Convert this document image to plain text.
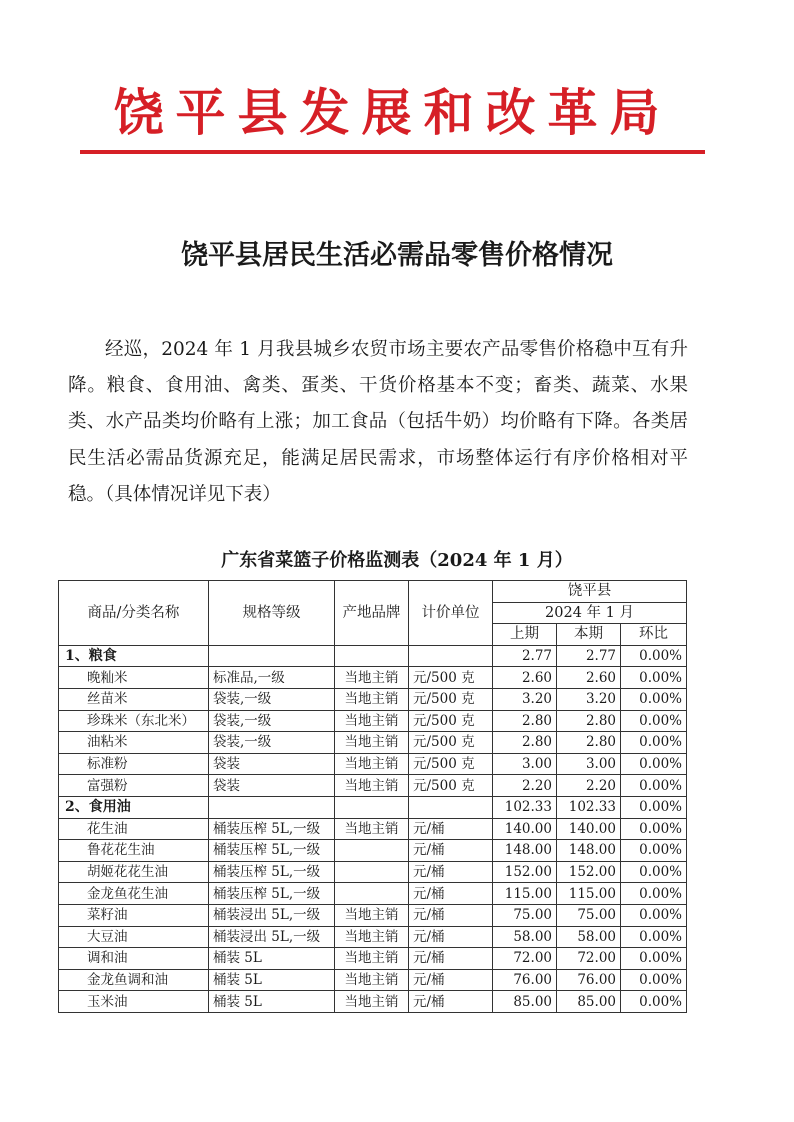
饶平县发展和改革局
饶平县居民生活必需品零售价格情况

经巡，2024 年 1 月我县城乡农贸市场主要农产品零售价格稳中互有升降。粮食、食用油、禽类、蛋类、干货价格基本不变；畜类、蔬菜、水果类、水产品类均价略有上涨；加工食品（包括牛奶）均价略有下降。各类居民生活必需品货源充足，能满足居民需求，市场整体运行有序价格相对平稳。（具体情况详见下表）

广东省菜篮子价格监测表（2024 年 1 月）
商品/分类名称	规格等级	产地品牌	计价单位	饶平县		
				2024 年 1 月		
				上期	本期	环比
1、粮食				2.77	2.77	0.00%
晚籼米	标准品,一级	当地主销	元/500 克	2.60	2.60	0.00%
丝苗米	袋装,一级	当地主销	元/500 克	3.20	3.20	0.00%
珍珠米（东北米）	袋装,一级	当地主销	元/500 克	2.80	2.80	0.00%
油粘米	袋装,一级	当地主销	元/500 克	2.80	2.80	0.00%
标准粉	袋装	当地主销	元/500 克	3.00	3.00	0.00%
富强粉	袋装	当地主销	元/500 克	2.20	2.20	0.00%
2、食用油				102.33	102.33	0.00%
花生油	桶装压榨 5L,一级	当地主销	元/桶	140.00	140.00	0.00%
鲁花花生油	桶装压榨 5L,一级		元/桶	148.00	148.00	0.00%
胡姬花花生油	桶装压榨 5L,一级		元/桶	152.00	152.00	0.00%
金龙鱼花生油	桶装压榨 5L,一级		元/桶	115.00	115.00	0.00%
菜籽油	桶装浸出 5L,一级	当地主销	元/桶	75.00	75.00	0.00%
大豆油	桶装浸出 5L,一级	当地主销	元/桶	58.00	58.00	0.00%
调和油	桶装 5L	当地主销	元/桶	72.00	72.00	0.00%
金龙鱼调和油	桶装 5L	当地主销	元/桶	76.00	76.00	0.00%
玉米油	桶装 5L	当地主销	元/桶	85.00	85.00	0.00%
